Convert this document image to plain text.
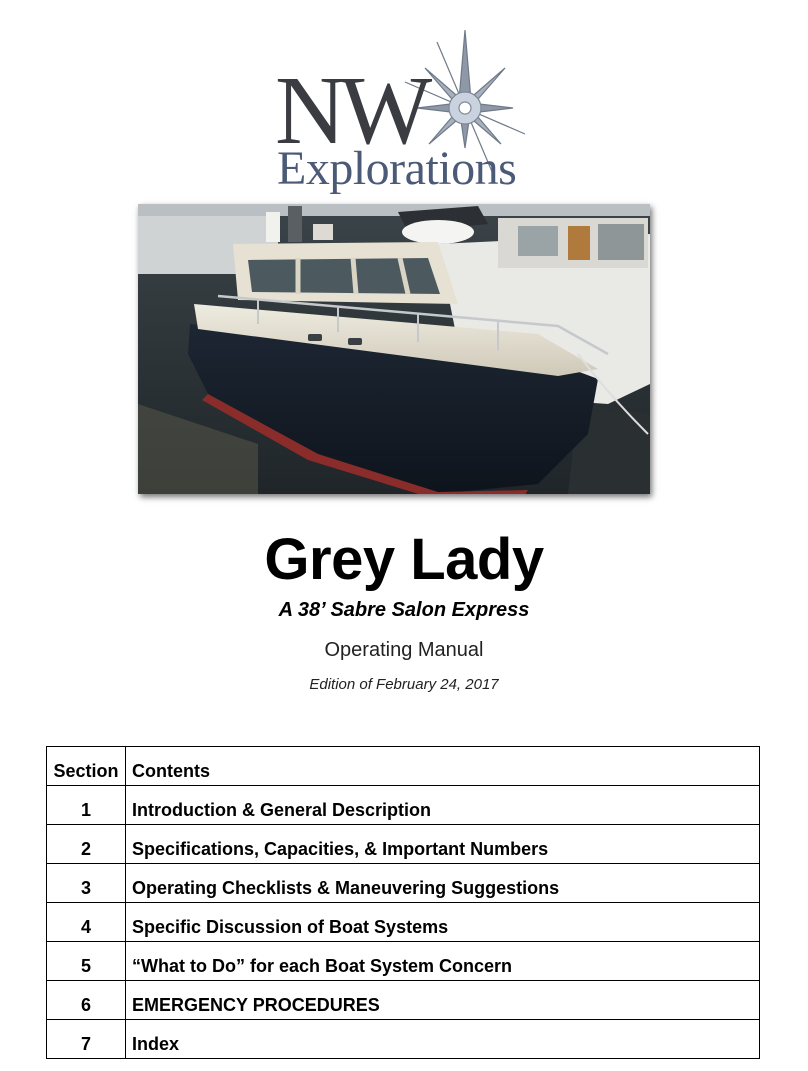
NW
Explorations
Grey Lady
A 38’ Sabre Salon Express
Operating Manual
Edition of February 24, 2017
Section	Contents
1	Introduction & General Description
2	Specifications, Capacities, & Important Numbers
3	Operating Checklists & Maneuvering Suggestions
4	Specific Discussion of Boat Systems
5	“What to Do” for each Boat System Concern
6	EMERGENCY PROCEDURES
7	Index
